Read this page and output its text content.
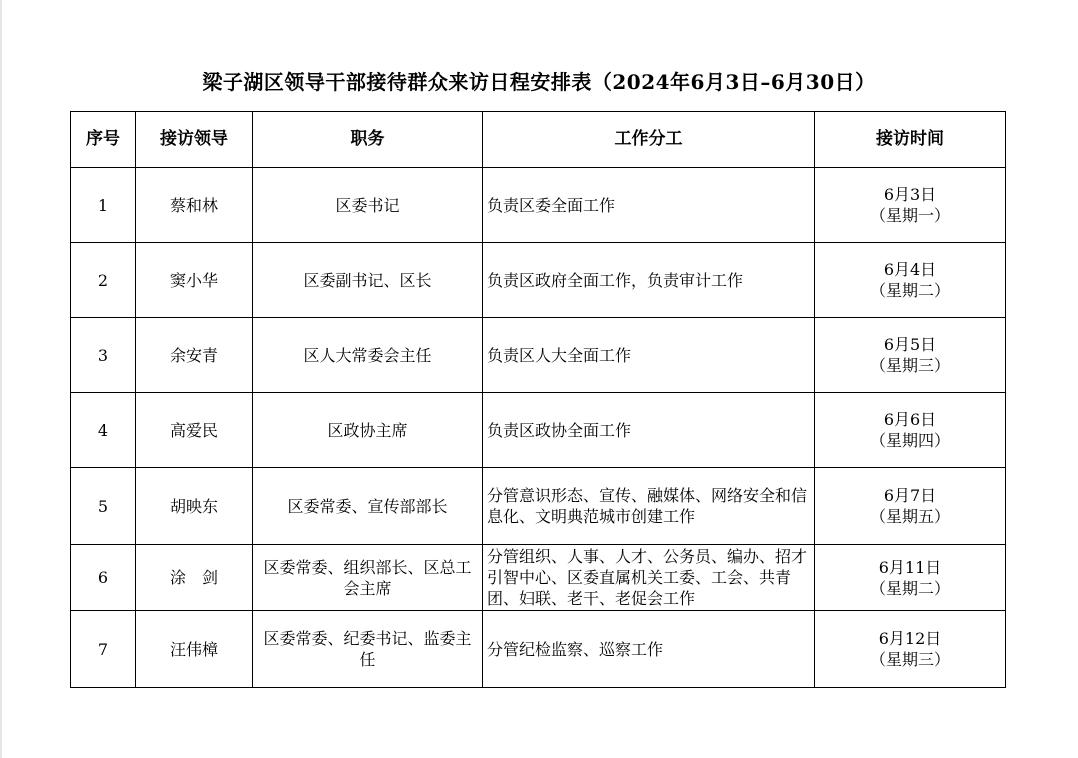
梁子湖区领导干部接待群众来访日程安排表（2024年6月3日–6月30日）
序号	接访领导	职务	工作分工	接访时间
1	蔡和林	区委书记	负责区委全面工作	6月3日
（星期一）

2	窦小华	区委副书记、区长	负责区政府全面工作，负责审计工作	6月4日
（星期二）

3	余安青	区人大常委会主任	负责区人大全面工作	6月5日
（星期三）

4	高爱民	区政协主席	负责区政协全面工作	6月6日
（星期四）

5	胡映东	区委常委、宣传部部长	分管意识形态、宣传、融媒体、网络安全和信息化、文明典范城市创建工作	6月7日
（星期五）

6	涂　剑	区委常委、组织部长、区总工会主席	分管组织、人事、人才、公务员、编办、招才引智中心、区委直属机关工委、工会、共青团、妇联、老干、老促会工作	6月11日
（星期二）

7	汪伟樟	区委常委、纪委书记、监委主任	分管纪检监察、巡察工作	6月12日
（星期三）
